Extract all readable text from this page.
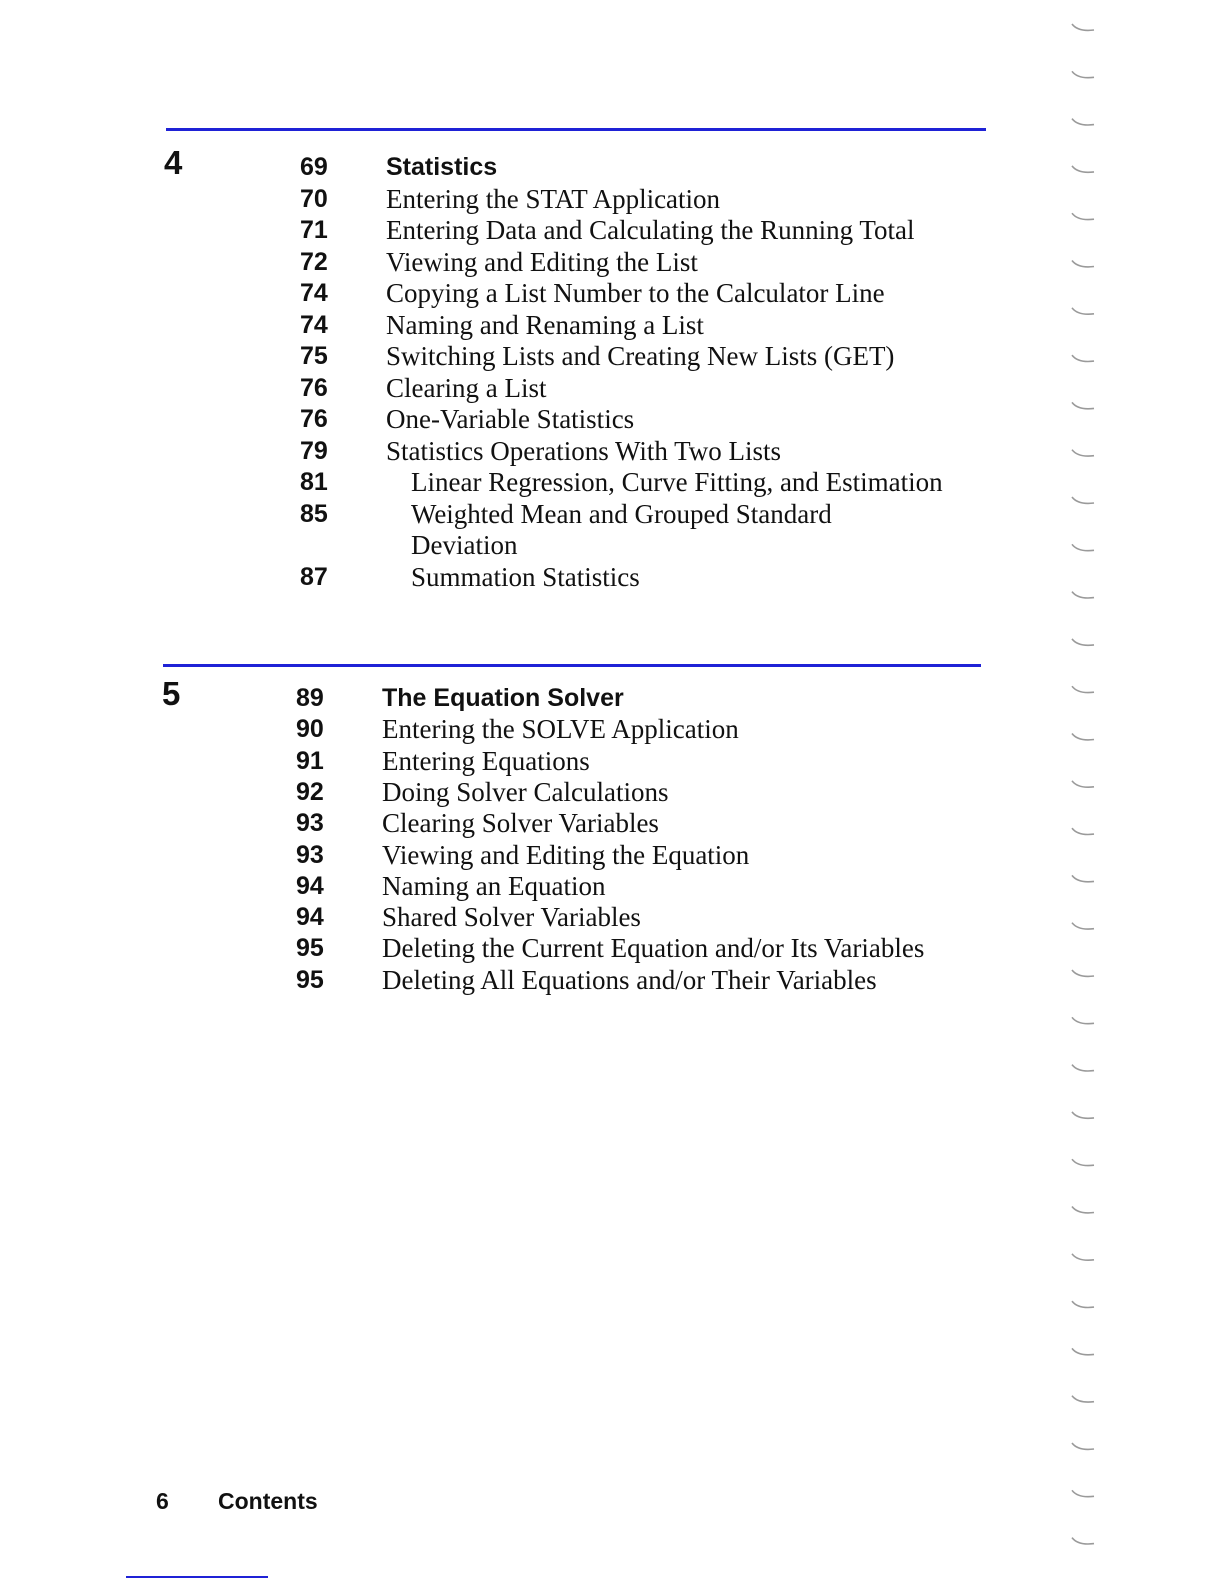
4	69 Statistics
70 Entering the STAT Application
71 Entering Data and Calculating the Running Total
72 Viewing and Editing the List
74 Copying a List Number to the Calculator Line
74 Naming and Renaming a List
75 Switching Lists and Creating New Lists (GET)
76 Clearing a List
76 One-Variable Statistics
79 Statistics Operations With Two Lists
81	Linear Regression, Curve Fitting, and Estimation
85	Weighted Mean and Grouped Standard
Deviation
87	Summation Statistics
5	89 The Equation Solver
90 Entering the SOLVE Application
91 Entering Equations
92 Doing Solver Calculations
93 Clearing Solver Variables
93 Viewing and Editing the Equation
94 Naming an Equation
94 Shared Solver Variables
95 Deleting the Current Equation and/or Its Variables
95 Deleting All Equations and/or Their Variables
6 Contents
